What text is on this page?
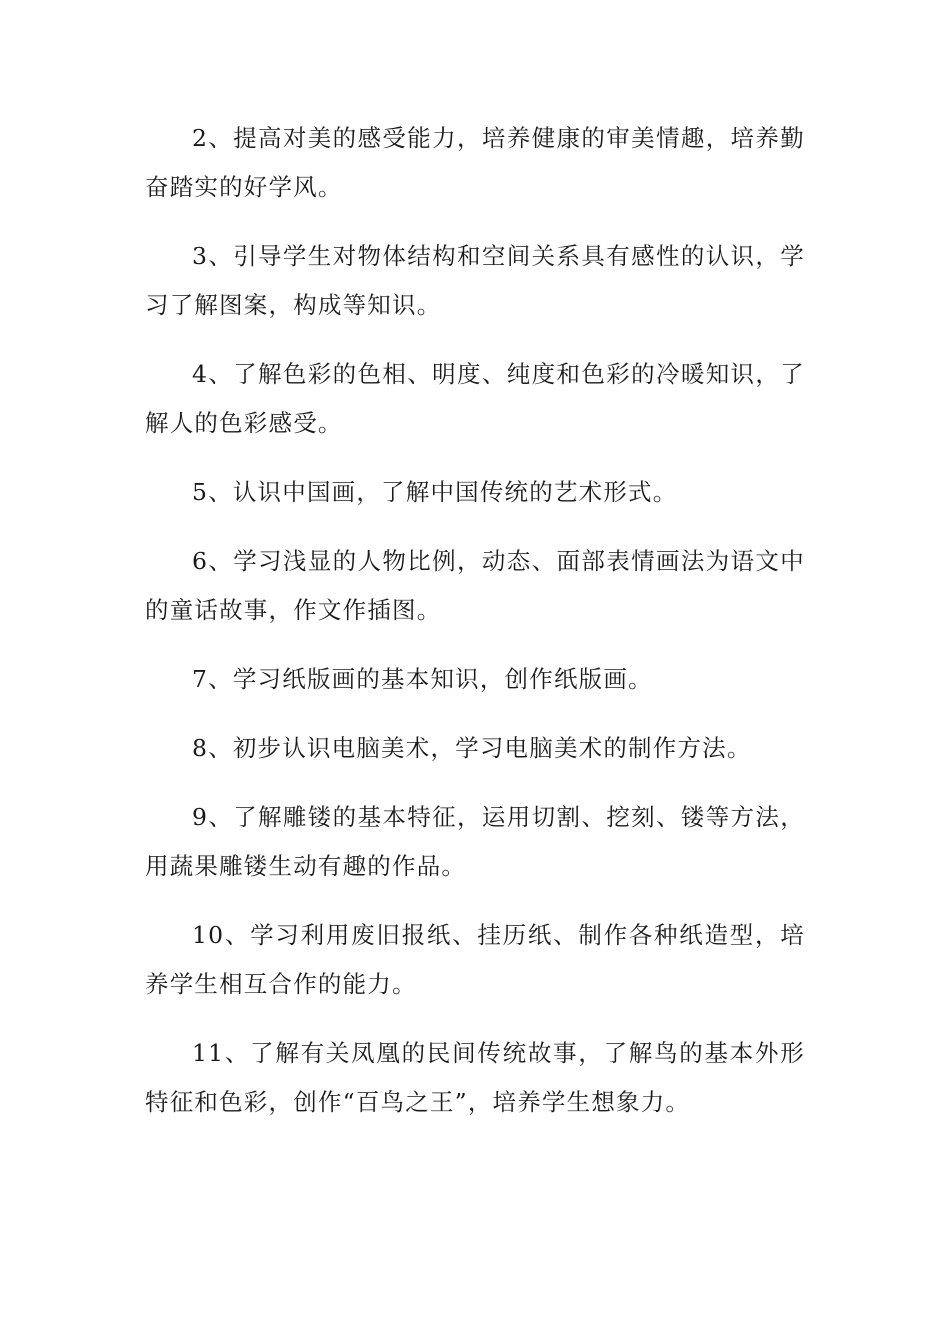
2、提高对美的感受能力，培养健康的审美情趣，培养勤奋踏实的好学风。

3、引导学生对物体结构和空间关系具有感性的认识，学习了解图案，构成等知识。

4、了解色彩的色相、明度、纯度和色彩的冷暖知识，了解人的色彩感受。

5、认识中国画，了解中国传统的艺术形式。

6、学习浅显的人物比例，动态、面部表情画法为语文中的童话故事，作文作插图。

7、学习纸版画的基本知识，创作纸版画。

8、初步认识电脑美术，学习电脑美术的制作方法。

9、了解雕镂的基本特征，运用切割、挖刻、镂等方法，用蔬果雕镂生动有趣的作品。

10、学习利用废旧报纸、挂历纸、制作各种纸造型，培养学生相互合作的能力。

11、了解有关凤凰的民间传统故事，了解鸟的基本外形特征和色彩，创作“百鸟之王”，培养学生想象力。
